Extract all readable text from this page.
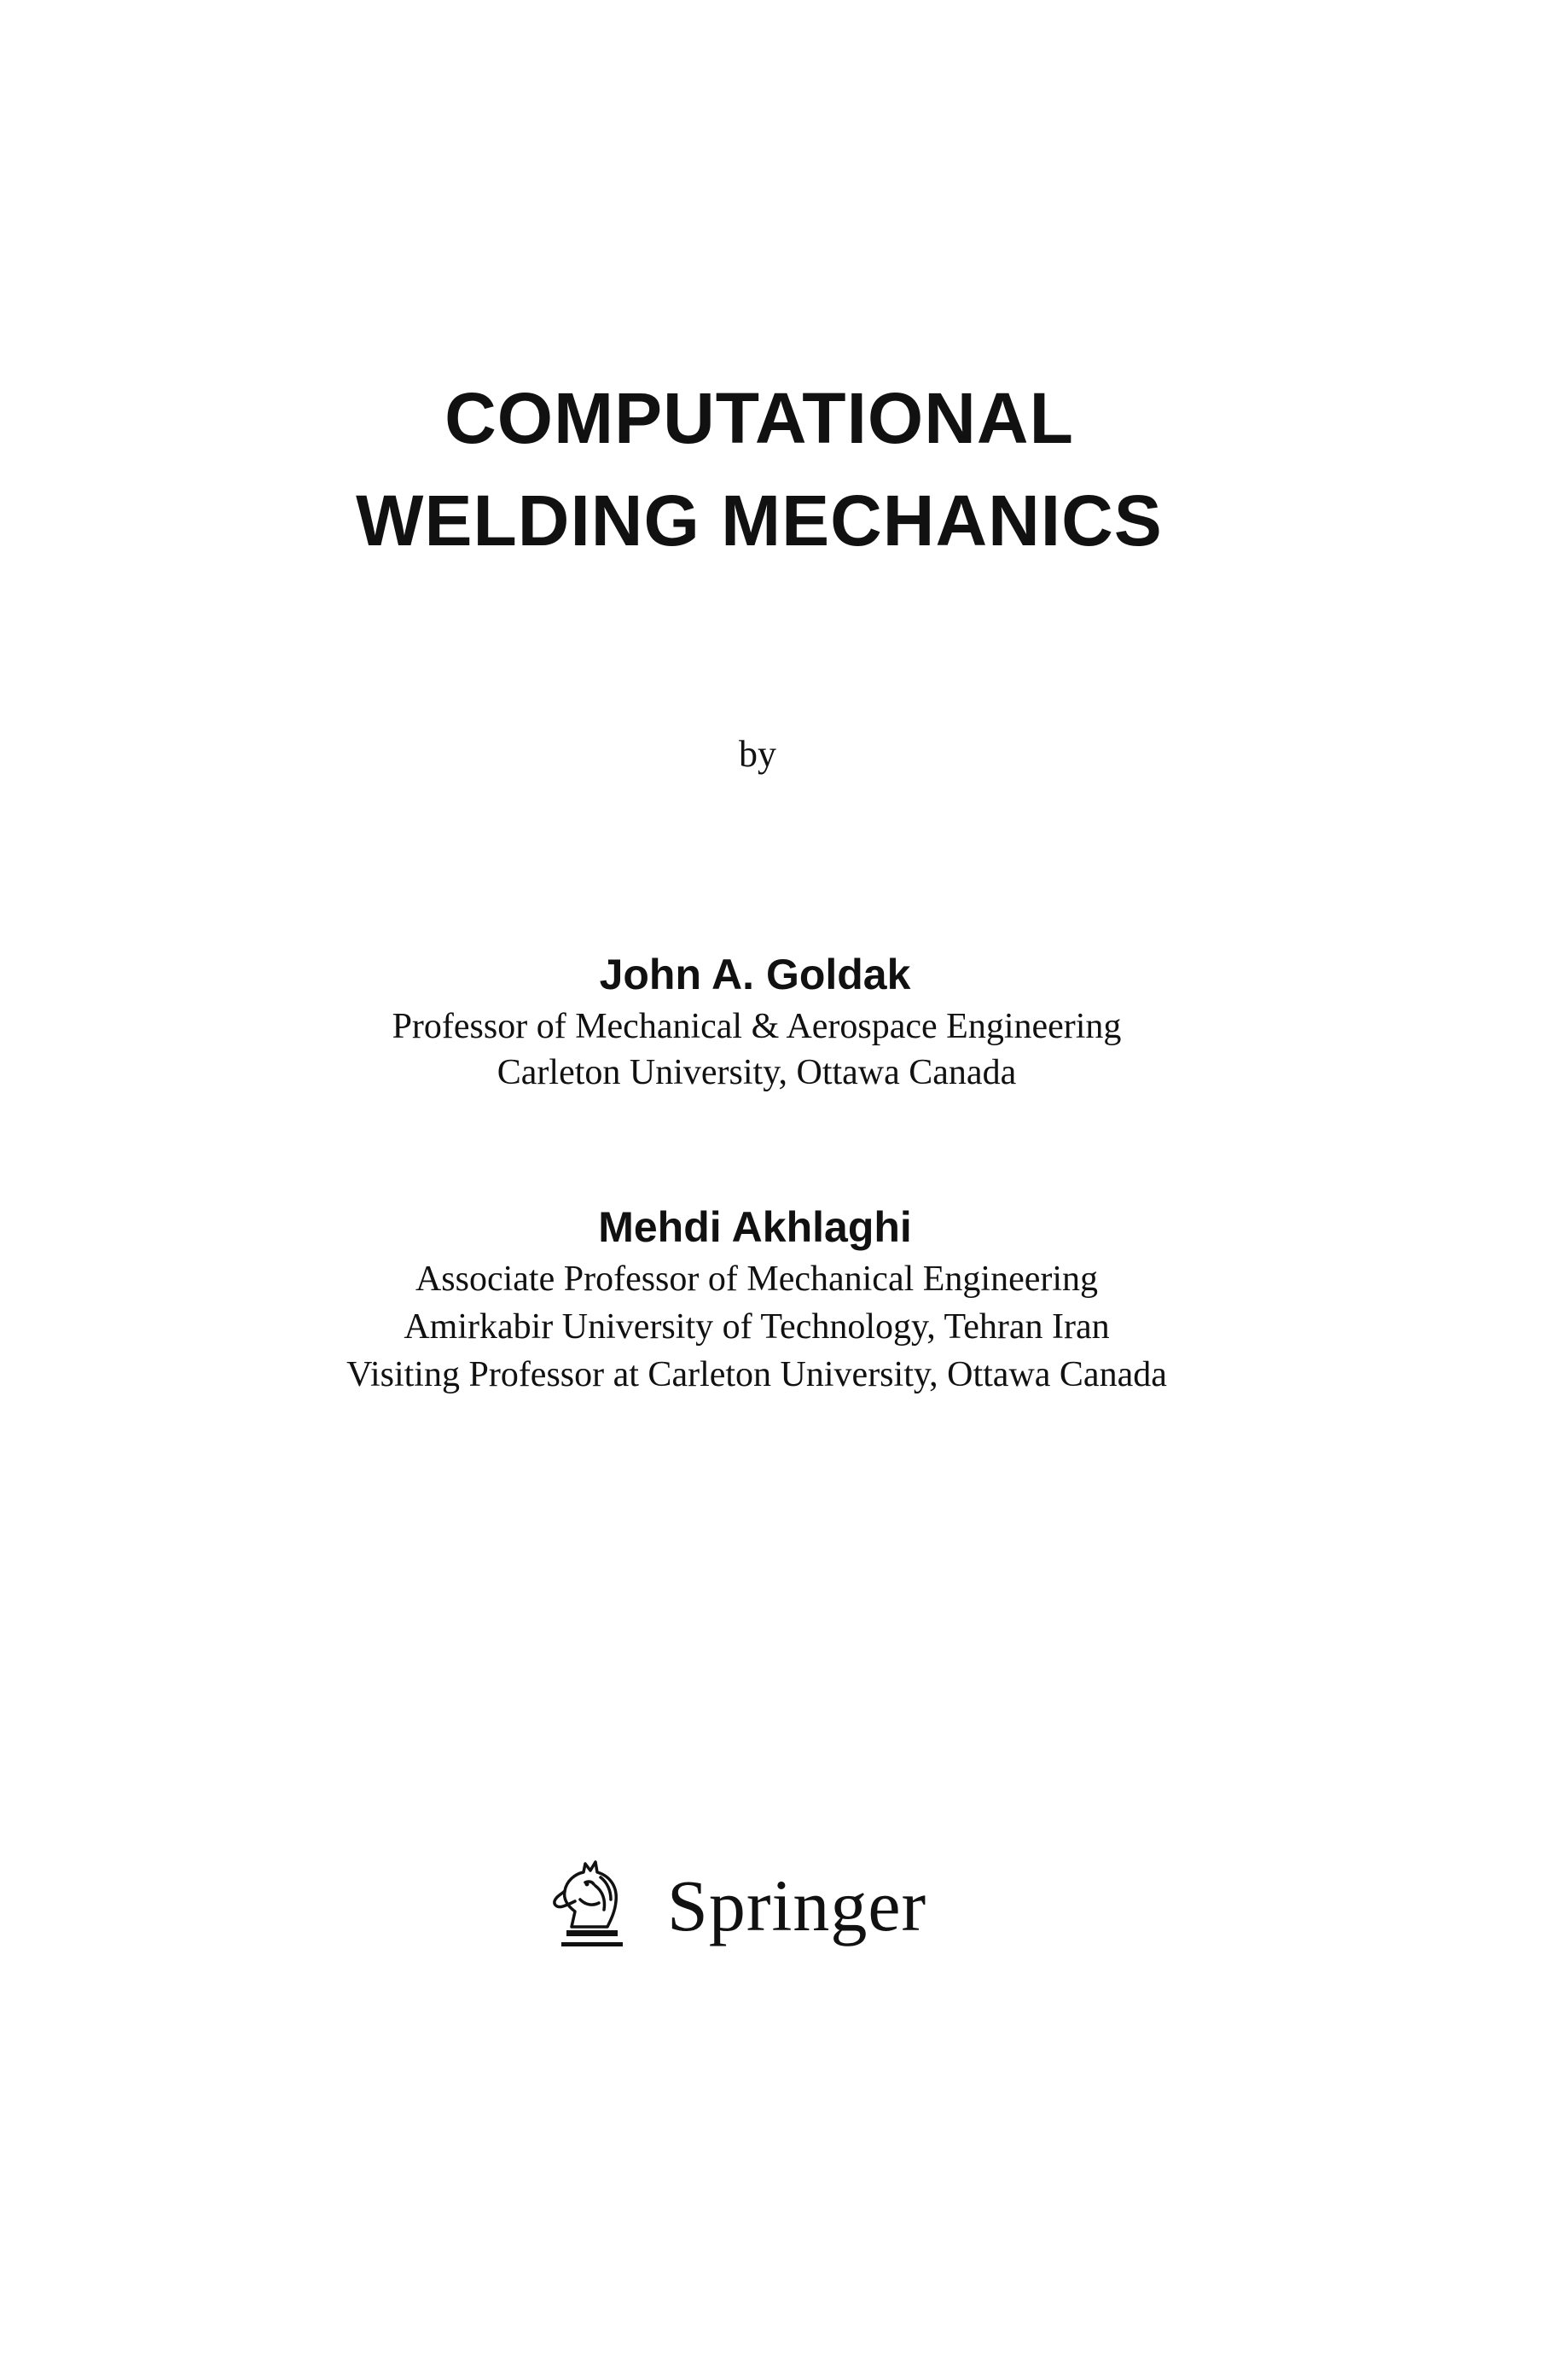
COMPUTATIONAL
WELDING MECHANICS
by
John A. Goldak
Professor of Mechanical & Aerospace Engineering
Carleton University, Ottawa Canada
Mehdi Akhlaghi
Associate Professor of Mechanical Engineering
Amirkabir University of Technology, Tehran Iran
Visiting Professor at Carleton University, Ottawa Canada
Springer
